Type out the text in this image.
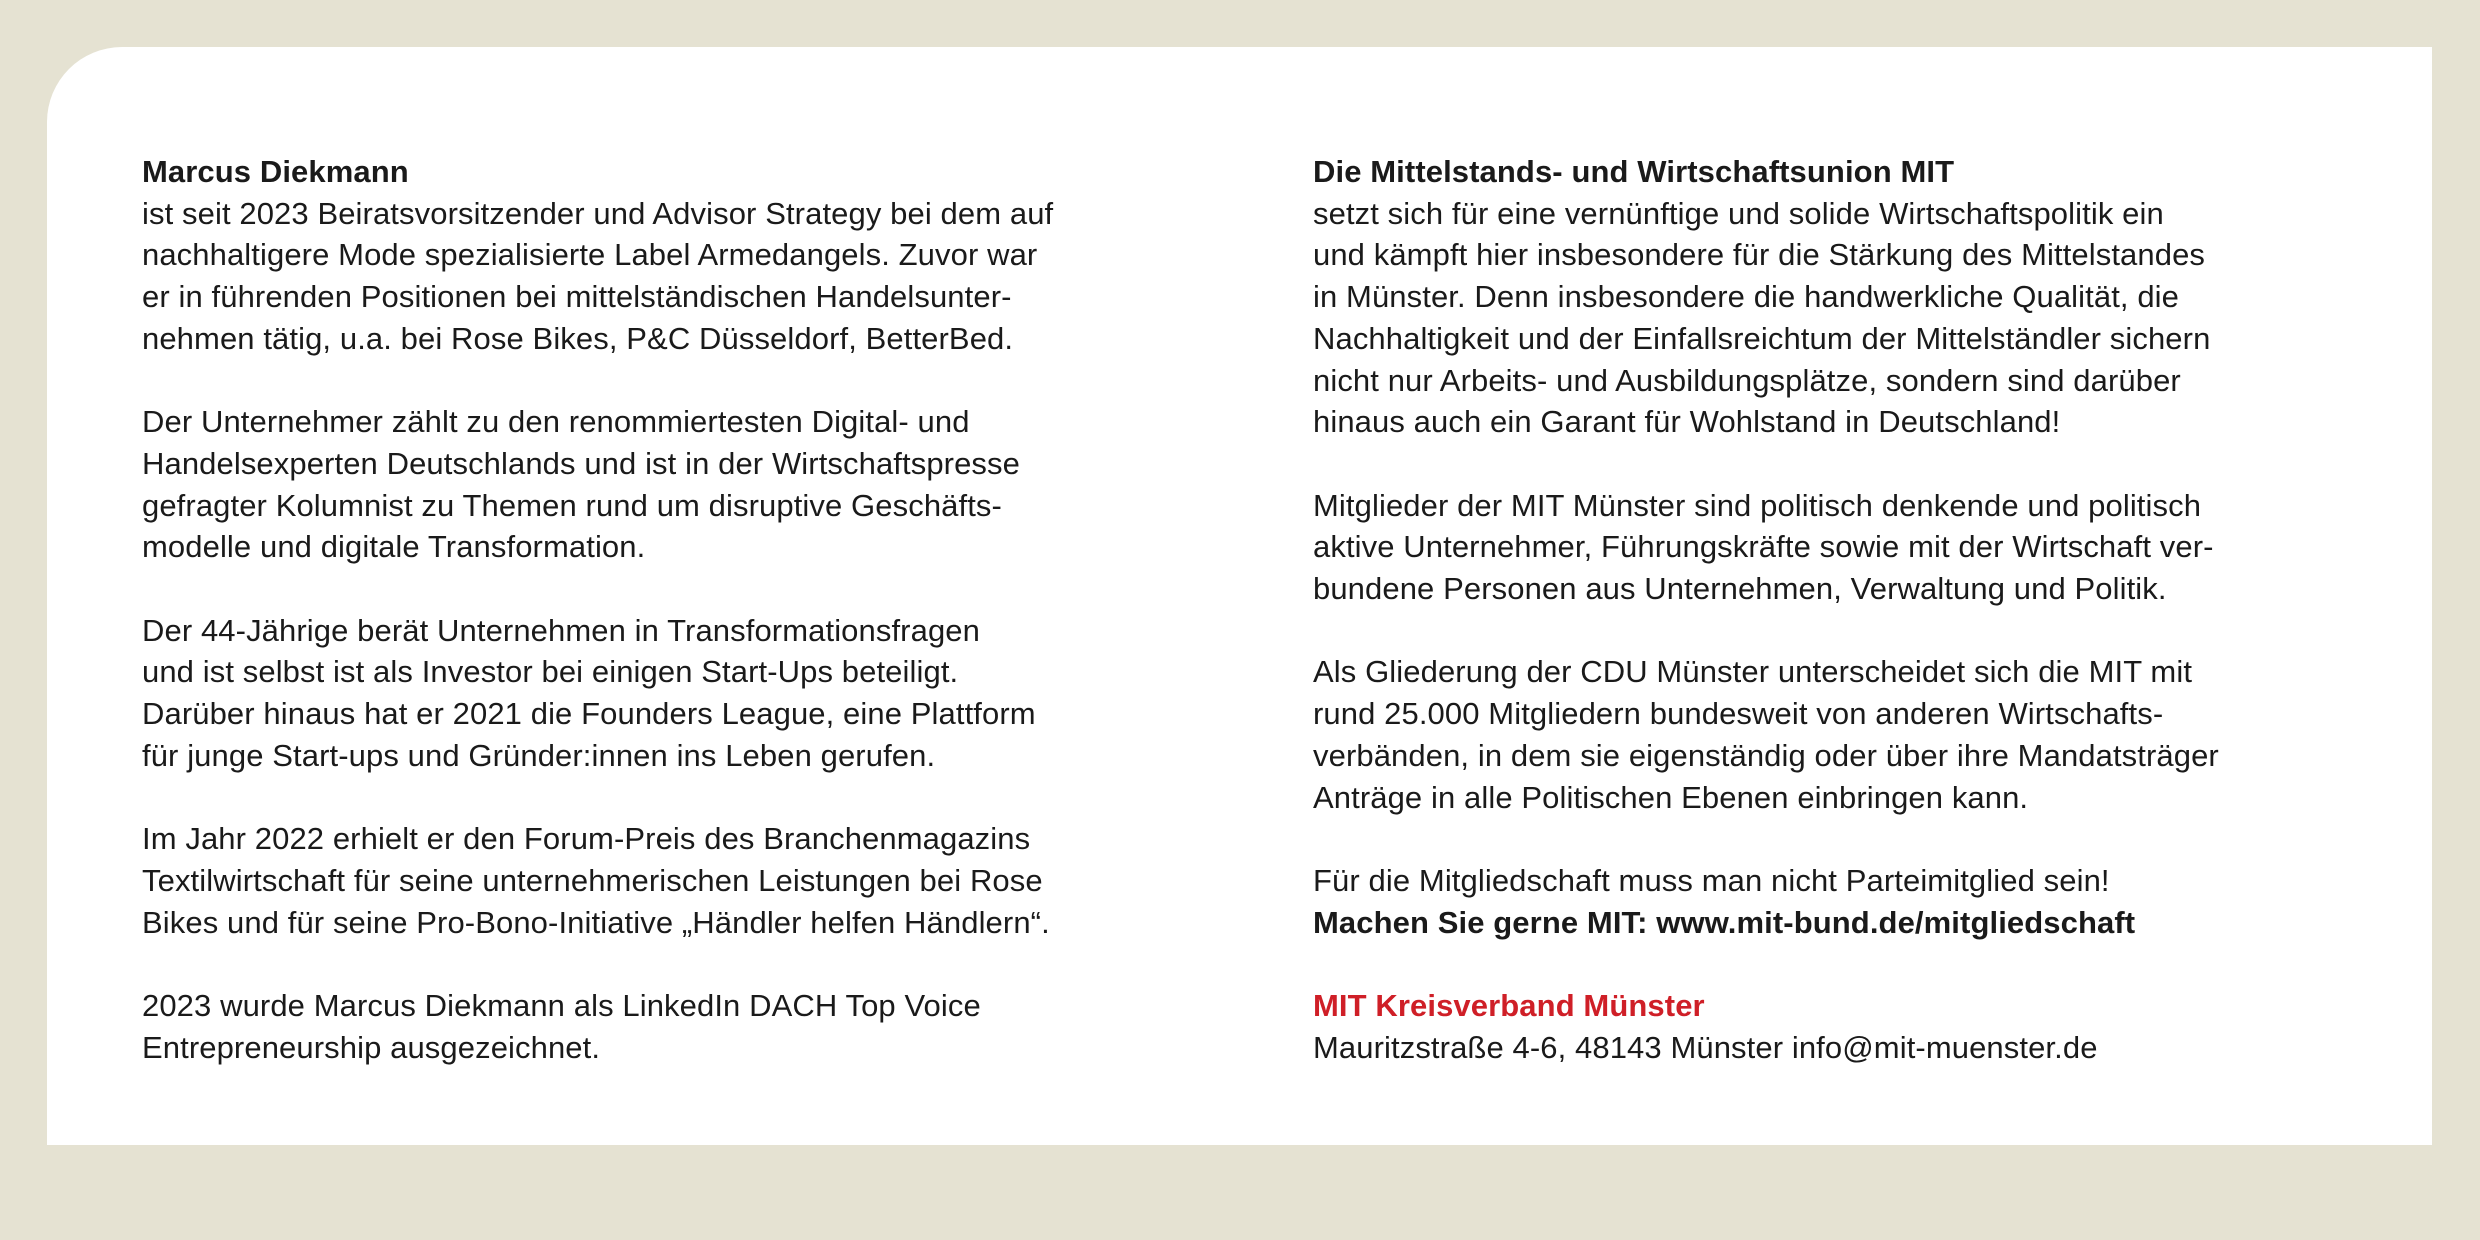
Marcus Diekmann
ist seit 2023 Beiratsvorsitzender und Advisor Strategy bei dem auf
nachhaltigere Mode spezialisierte Label Armedangels. Zuvor war
er in führenden Positionen bei mittelständischen Handelsunter-
nehmen tätig, u.a. bei Rose Bikes, P&C Düsseldorf, BetterBed.
Der Unternehmer zählt zu den renommiertesten Digital- und
Handelsexperten Deutschlands und ist in der Wirtschaftspresse
gefragter Kolumnist zu Themen rund um disruptive Geschäfts-
modelle und digitale Transformation.
Der 44-Jährige berät Unternehmen in Transformationsfragen
und ist selbst ist als Investor bei einigen Start-Ups beteiligt.
Darüber hinaus hat er 2021 die Founders League, eine Plattform
für junge Start-ups und Gründer:innen ins Leben gerufen.
Im Jahr 2022 erhielt er den Forum-Preis des Branchenmagazins
Textilwirtschaft für seine unternehmerischen Leistungen bei Rose
Bikes und für seine Pro-Bono-Initiative „Händler helfen Händlern“.
2023 wurde Marcus Diekmann als LinkedIn DACH Top Voice
Entrepreneurship ausgezeichnet.
Die Mittelstands- und Wirtschaftsunion MIT
setzt sich für eine vernünftige und solide Wirtschaftspolitik ein
und kämpft hier insbesondere für die Stärkung des Mittelstandes
in Münster. Denn insbesondere die handwerkliche Qualität, die
Nachhaltigkeit und der Einfallsreichtum der Mittelständler sichern
nicht nur Arbeits- und Ausbildungsplätze, sondern sind darüber
hinaus auch ein Garant für Wohlstand in Deutschland!
Mitglieder der MIT Münster sind politisch denkende und politisch
aktive Unternehmer, Führungskräfte sowie mit der Wirtschaft ver-
bundene Personen aus Unternehmen, Verwaltung und Politik.
Als Gliederung der CDU Münster unterscheidet sich die MIT mit
rund 25.000 Mitgliedern bundesweit von anderen Wirtschafts-
verbänden, in dem sie eigenständig oder über ihre Mandatsträger
Anträge in alle Politischen Ebenen einbringen kann.
Für die Mitgliedschaft muss man nicht Parteimitglied sein!
Machen Sie gerne MIT: www.mit-bund.de/mitgliedschaft
MIT Kreisverband Münster
Mauritzstraße 4-6, 48143 Münster info@mit-muenster.de
